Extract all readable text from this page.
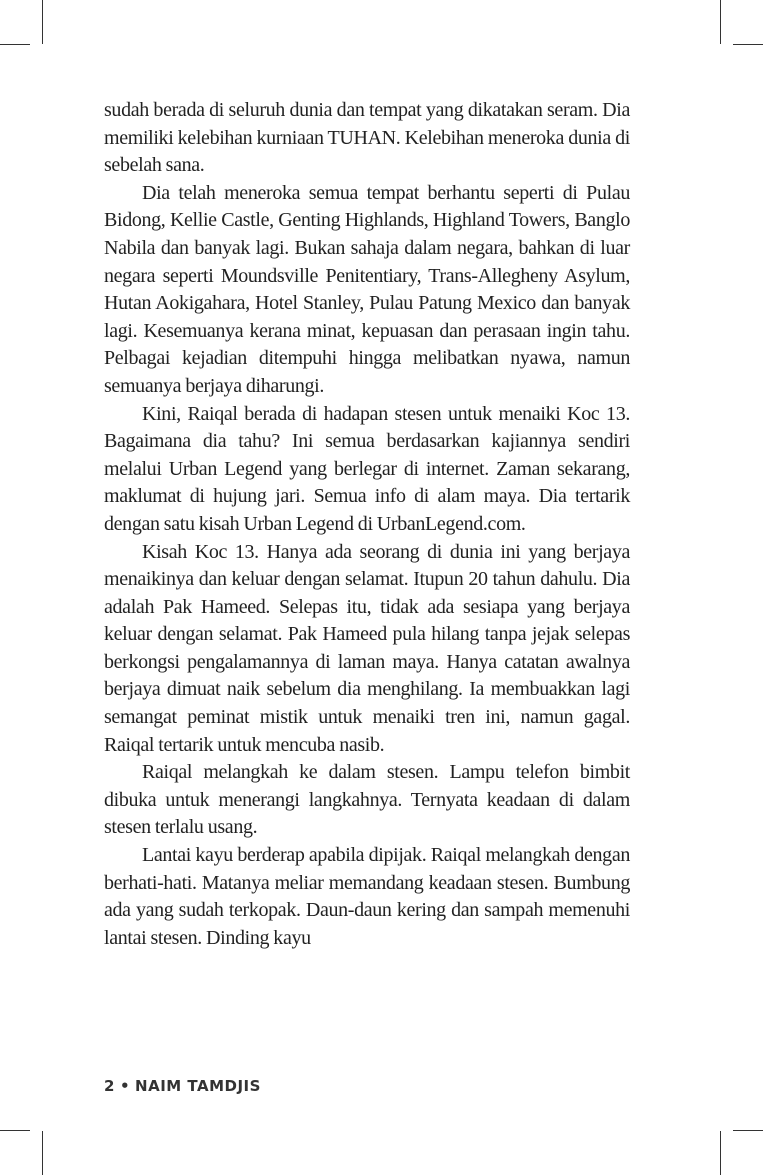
sudah berada di seluruh dunia dan tempat yang dikatakan seram. Dia memiliki kelebihan kurniaan TUHAN. Kelebihan meneroka dunia di sebelah sana.

Dia telah meneroka semua tempat berhantu seperti di Pulau Bidong, Kellie Castle, Genting Highlands, Highland Towers, Banglo Nabila dan banyak lagi. Bukan sahaja dalam negara, bahkan di luar negara seperti Moundsville Penitentiary, Trans-Allegheny Asylum, Hutan Aokigahara, Hotel Stanley, Pulau Patung Mexico dan banyak lagi. Kesemuanya kerana minat, kepuasan dan perasaan ingin tahu. Pelbagai kejadian ditempuhi hingga melibatkan nyawa, namun semuanya berjaya diharungi.

Kini, Raiqal berada di hadapan stesen untuk menaiki Koc 13. Bagaimana dia tahu? Ini semua berdasarkan kajiannya sendiri melalui Urban Legend yang berlegar di internet. Zaman sekarang, maklumat di hujung jari. Semua info di alam maya. Dia tertarik dengan satu kisah Urban Legend di UrbanLegend.com.

Kisah Koc 13. Hanya ada seorang di dunia ini yang berjaya menaikinya dan keluar dengan selamat. Itupun 20 tahun dahulu. Dia adalah Pak Hameed. Selepas itu, tidak ada sesiapa yang berjaya keluar dengan selamat. Pak Hameed pula hilang tanpa jejak selepas berkongsi pengalamannya di laman maya. Hanya catatan awalnya berjaya dimuat naik sebelum dia menghilang. Ia membuakkan lagi semangat peminat mistik untuk menaiki tren ini, namun gagal. Raiqal tertarik untuk mencuba nasib.

Raiqal melangkah ke dalam stesen. Lampu telefon bimbit dibuka untuk menerangi langkahnya. Ternyata keadaan di dalam stesen terlalu usang.

Lantai kayu berderap apabila dipijak. Raiqal melangkah dengan berhati-hati. Matanya meliar memandang keadaan stesen. Bumbung ada yang sudah terkopak. Daun-daun kering dan sampah memenuhi lantai stesen. Dinding kayu

2 • NAIM TAMDJIS
